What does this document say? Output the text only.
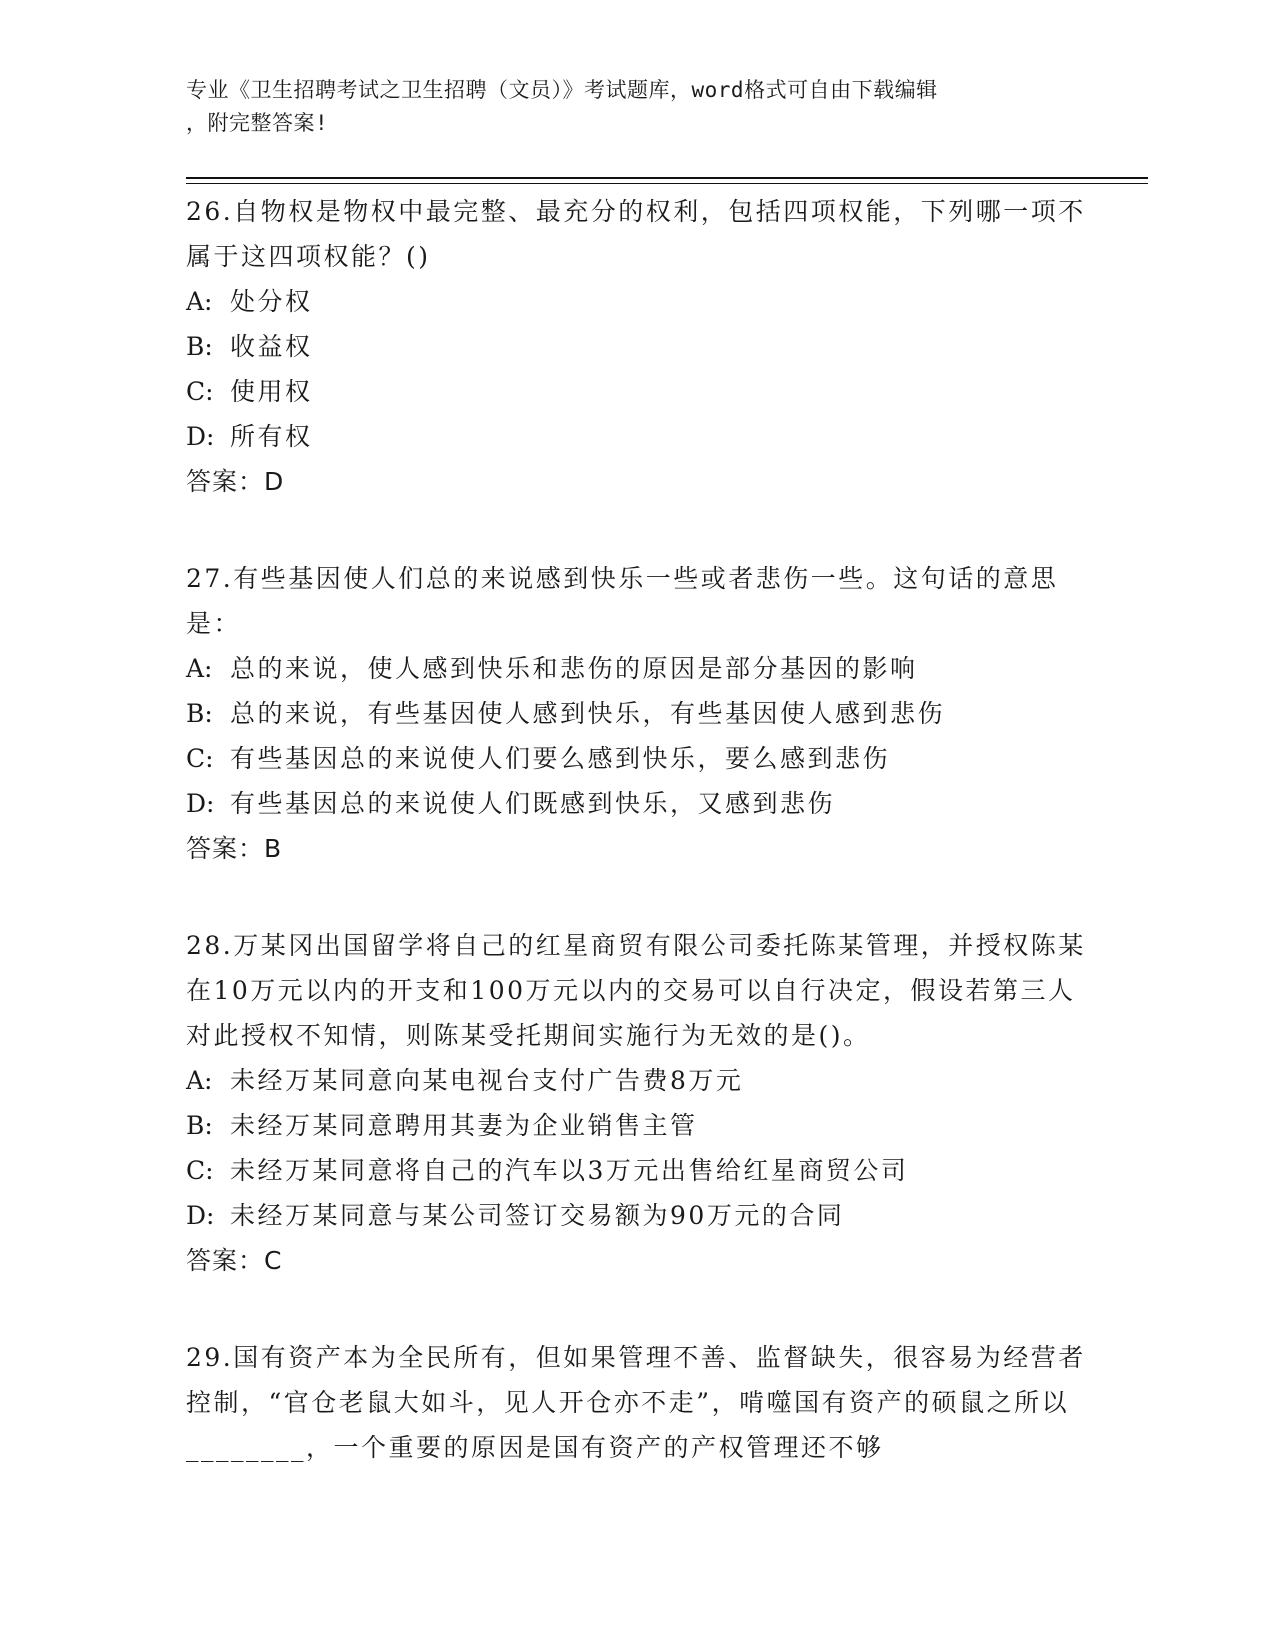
专业《卫生招聘考试之卫生招聘（文员）》考试题库，word格式可自由下载编辑
，附完整答案!

26.自物权是物权中最完整、最充分的权利，包括四项权能，下列哪一项不属于这四项权能？()

A: 处分权
B: 收益权
C: 使用权
D: 所有权

答案：D

27.有些基因使人们总的来说感到快乐一些或者悲伤一些。这句话的意思是：

A: 总的来说，使人感到快乐和悲伤的原因是部分基因的影响
B: 总的来说，有些基因使人感到快乐，有些基因使人感到悲伤
C: 有些基因总的来说使人们要么感到快乐，要么感到悲伤
D: 有些基因总的来说使人们既感到快乐，又感到悲伤

答案：B

28.万某冈出国留学将自己的红星商贸有限公司委托陈某管理，并授权陈某在10万元以内的开支和100万元以内的交易可以自行决定，假设若第三人对此授权不知情，则陈某受托期间实施行为无效的是()。

A: 未经万某同意向某电视台支付广告费8万元
B: 未经万某同意聘用其妻为企业销售主管
C: 未经万某同意将自己的汽车以3万元出售给红星商贸公司
D: 未经万某同意与某公司签订交易额为90万元的合同

答案：C

29.国有资产本为全民所有，但如果管理不善、监督缺失，很容易为经营者控制，“官仓老鼠大如斗，见人开仓亦不走”，啃噬国有资产的硕鼠之所以________，一个重要的原因是国有资产的产权管理还不够
